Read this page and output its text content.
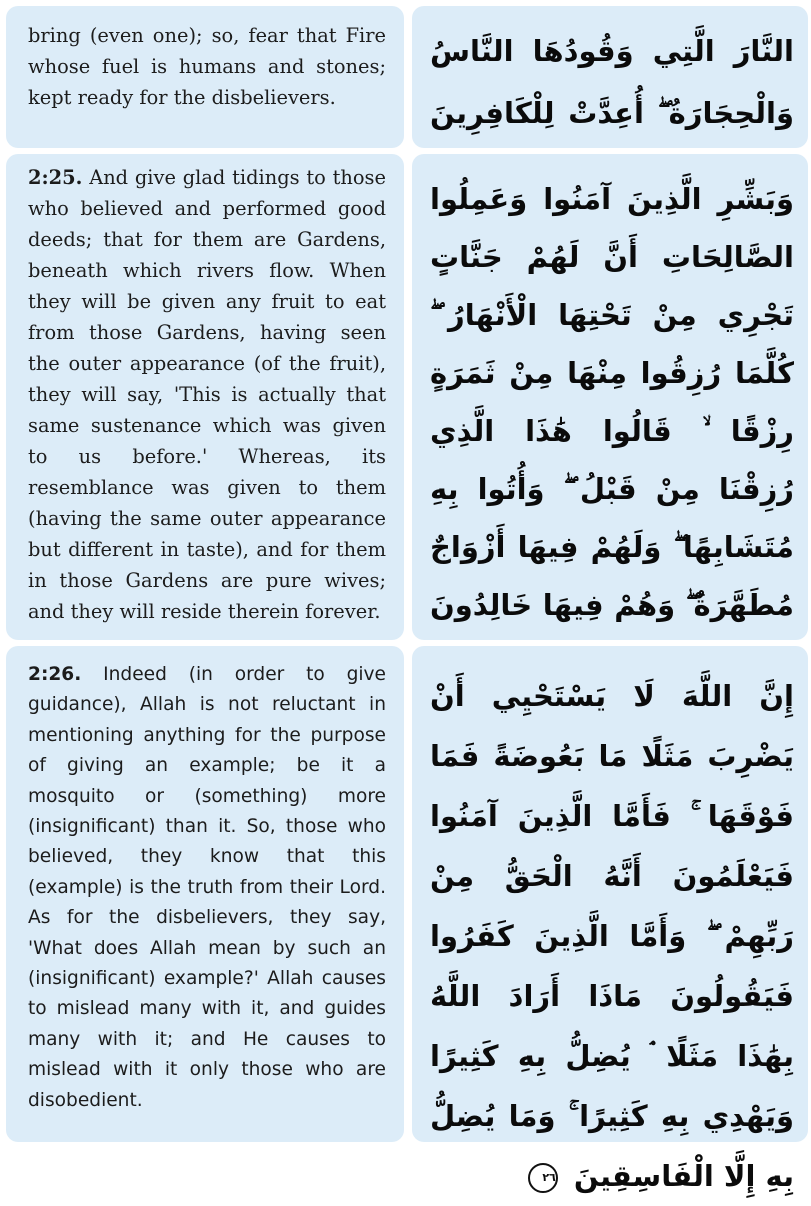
bring (even one); so, fear that Fire whose fuel is humans and stones; kept ready for the disbelievers.
النَّارَ الَّتِي وَقُودُهَا النَّاسُ وَالْحِجَارَةُ ۖ أُعِدَّتْ لِلْكَافِرِينَ
2:25. And give glad tidings to those who believed and performed good deeds; that for them are Gardens, beneath which rivers flow. When they will be given any fruit to eat from those Gardens, having seen the outer appearance (of the fruit), they will say, 'This is actually that same sustenance which was given to us before.' Whereas, its resemblance was given to them (having the same outer appearance but different in taste), and for them in those Gardens are pure wives; and they will reside therein forever.
وَبَشِّرِ الَّذِينَ آمَنُوا وَعَمِلُوا الصَّالِحَاتِ أَنَّ لَهُمْ جَنَّاتٍ تَجْرِي مِنْ تَحْتِهَا الْأَنْهَارُ ۖ كُلَّمَا رُزِقُوا مِنْهَا مِنْ ثَمَرَةٍ رِزْقًا ۙ قَالُوا هَٰذَا الَّذِي رُزِقْنَا مِنْ قَبْلُ ۖ وَأُتُوا بِهِ مُتَشَابِهًا ۖ وَلَهُمْ فِيهَا أَزْوَاجٌ مُطَهَّرَةٌ ۖ وَهُمْ فِيهَا خَالِدُونَ
2:26. Indeed (in order to give guidance), Allah is not reluctant in mentioning anything for the purpose of giving an example; be it a mosquito or (something) more (insignificant) than it. So, those who believed, they know that this (example) is the truth from their Lord. As for the disbelievers, they say, 'What does Allah mean by such an (insignificant) example?' Allah causes to mislead many with it, and guides many with it; and He causes to mislead with it only those who are disobedient.
إِنَّ اللَّهَ لَا يَسْتَحْيِي أَنْ يَضْرِبَ مَثَلًا مَا بَعُوضَةً فَمَا فَوْقَهَا ۚ فَأَمَّا الَّذِينَ آمَنُوا فَيَعْلَمُونَ أَنَّهُ الْحَقُّ مِنْ رَبِّهِمْ ۖ وَأَمَّا الَّذِينَ كَفَرُوا فَيَقُولُونَ مَاذَا أَرَادَ اللَّهُ بِهَٰذَا مَثَلًا ۘ يُضِلُّ بِهِ كَثِيرًا وَيَهْدِي بِهِ كَثِيرًا ۚ وَمَا يُضِلُّ بِهِ إِلَّا الْفَاسِقِينَ ٢٦
